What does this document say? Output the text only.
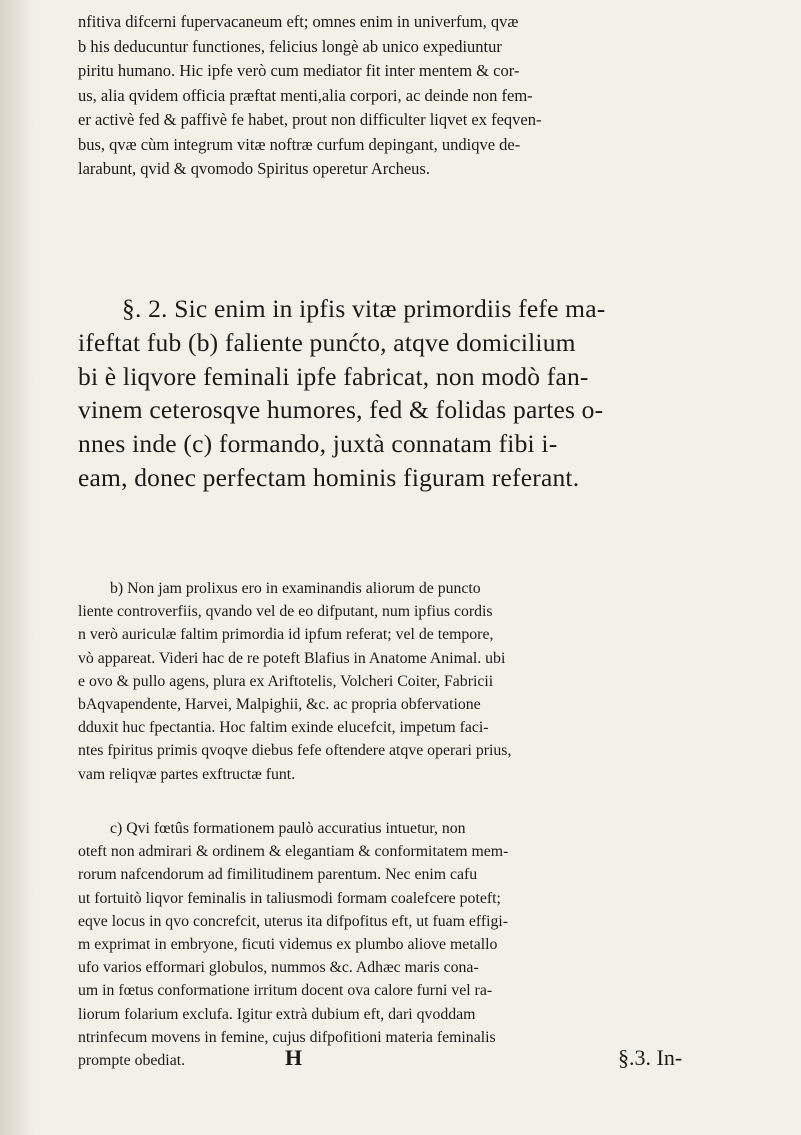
nfitiva difcerni fupervacaneum eft; omnes enim in univerfum, qvæ
b his deducuntur functiones, felicius longè ab unico expediuntur
piritu humano. Hic ipfe verò cum mediator fit inter mentem & cor-
us, alia qvidem officia præftat menti,alia corpori, ac deinde non fem-
er activè fed & paffivè fe habet, prout non difficulter liqvet ex feqven-
bus, qvæ cùm integrum vitæ noftræ curfum depingant, undiqve de-
larabunt, qvid & qvomodo Spiritus operetur Archeus.
§. 2. Sic enim in ipfis vitæ primordiis fefe ma-
ifeftat fub (b) faliente punćto, atqve domicilium
bi è liqvore feminali ipfe fabricat, non modò fan-
vinem ceterosqve humores, fed & folidas partes o-
nnes inde (c) formando, juxtà connatam fibi i-
eam, donec perfectam hominis figuram referant.
b) Non jam prolixus ero in examinandis aliorum de puncto
liente controverfiis, qvando vel de eo difputant, num ipfius cordis
n verò auriculæ faltim primordia id ipfum referat; vel de tempore,
vò appareat. Videri hac de re poteft Blafius in Anatome Animal. ubi
e ovo & pullo agens, plura ex Ariftotelis, Volcheri Coiter, Fabricii
bAqvapendente, Harvei, Malpighii, &c. ac propria obfervatione
dduxit huc fpectantia. Hoc faltim exinde elucefcit, impetum faci-
ntes fpiritus primis qvoqve diebus fefe oftendere atqve operari prius,
vam reliqvæ partes exftructæ funt.
c) Qvi fœtûs formationem paulò accuratius intuetur, non
oteft non admirari & ordinem & elegantiam & conformitatem mem-
rorum nafcendorum ad fimilitudinem parentum. Nec enim cafu
ut fortuitò liqvor feminalis in taliusmodi formam coalefcere poteft;
eqve locus in qvo concrefcit, uterus ita difpofitus eft, ut fuam effigi-
m exprimat in embryone, ficuti videmus ex plumbo aliove metallo
ufo varios efformari globulos, nummos &c. Adhæc maris cona-
um in fœtus conformatione irritum docent ova calore furni vel ra-
liorum folarium exclufa. Igitur extrà dubium eft, dari qvoddam
ntrinfecum movens in femine, cujus difpofitioni materia feminalis
prompte obediat.	H	§.3. In-
